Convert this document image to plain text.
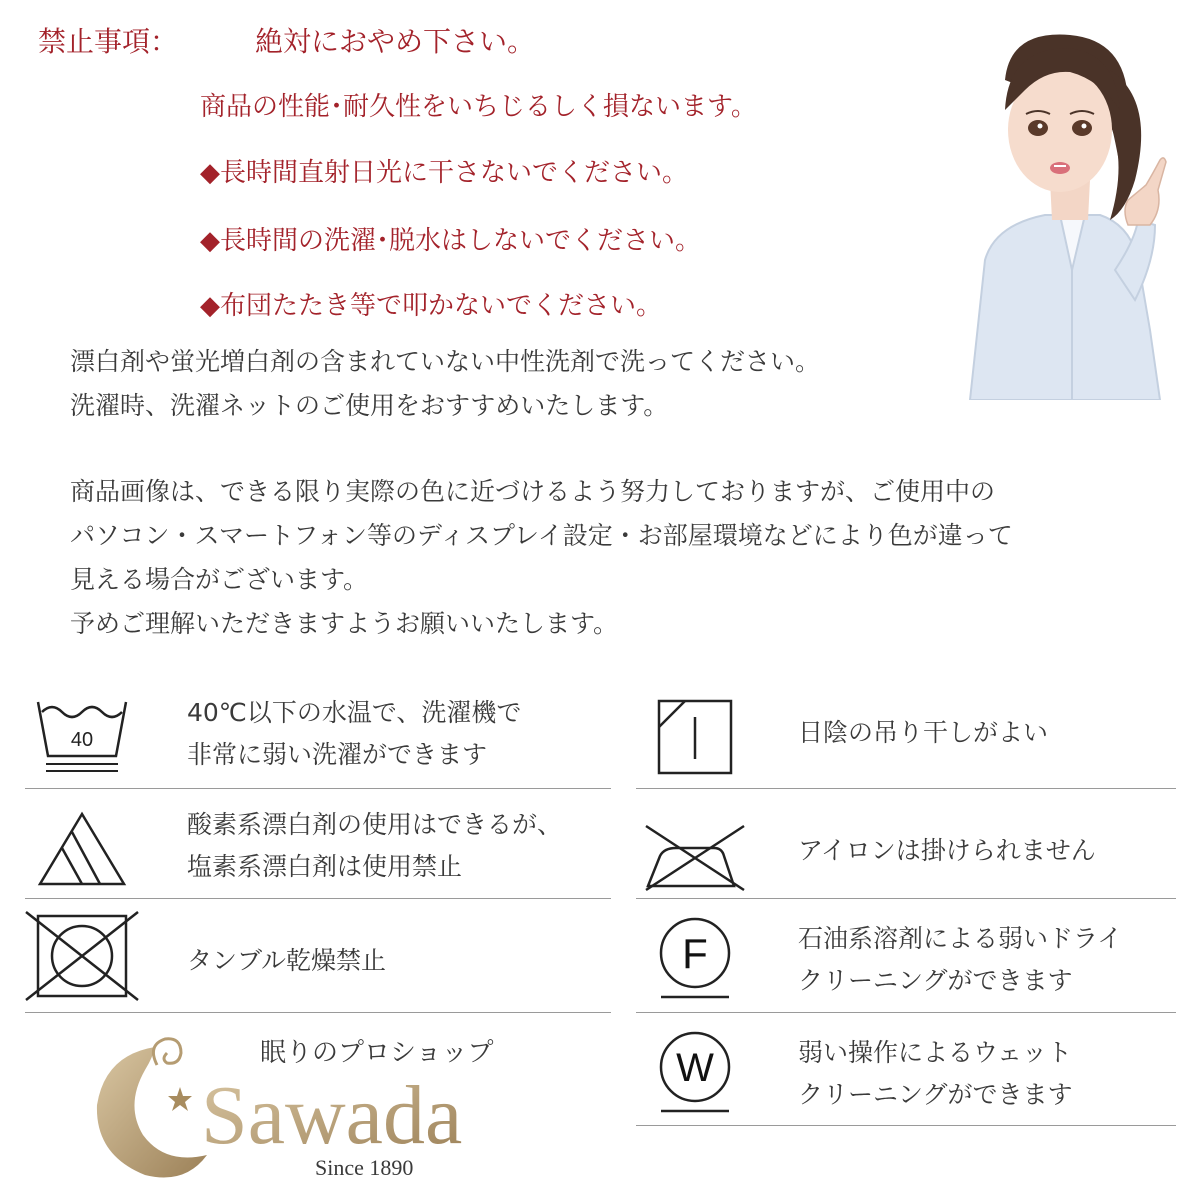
禁止事項：	絶対におやめ下さい。
商品の性能･耐久性をいちじるしく損ないます。
◆長時間直射日光に干さないでください。
◆長時間の洗濯･脱水はしないでください。
◆布団たたき等で叩かないでください。
漂白剤や蛍光増白剤の含まれていない中性洗剤で洗ってください。
洗濯時、洗濯ネットのご使用をおすすめいたします。
商品画像は、できる限り実際の色に近づけるよう努力しておりますが、ご使用中の
パソコン・スマートフォン等のディスプレイ設定・お部屋環境などにより色が違って
見える場合がございます。
予めご理解いただきますようお願いいたします。
40
40℃以下の水温で、洗濯機で
非常に弱い洗濯ができます
酸素系漂白剤の使用はできるが、
塩素系漂白剤は使用禁止
タンブル乾燥禁止
日陰の吊り干しがよい
アイロンは掛けられません
F	石油系溶剤による弱いドライ
クリーニングができます
W	弱い操作によるウェット
クリーニングができます
眠りのプロショップ
Sawada
Since 1890
